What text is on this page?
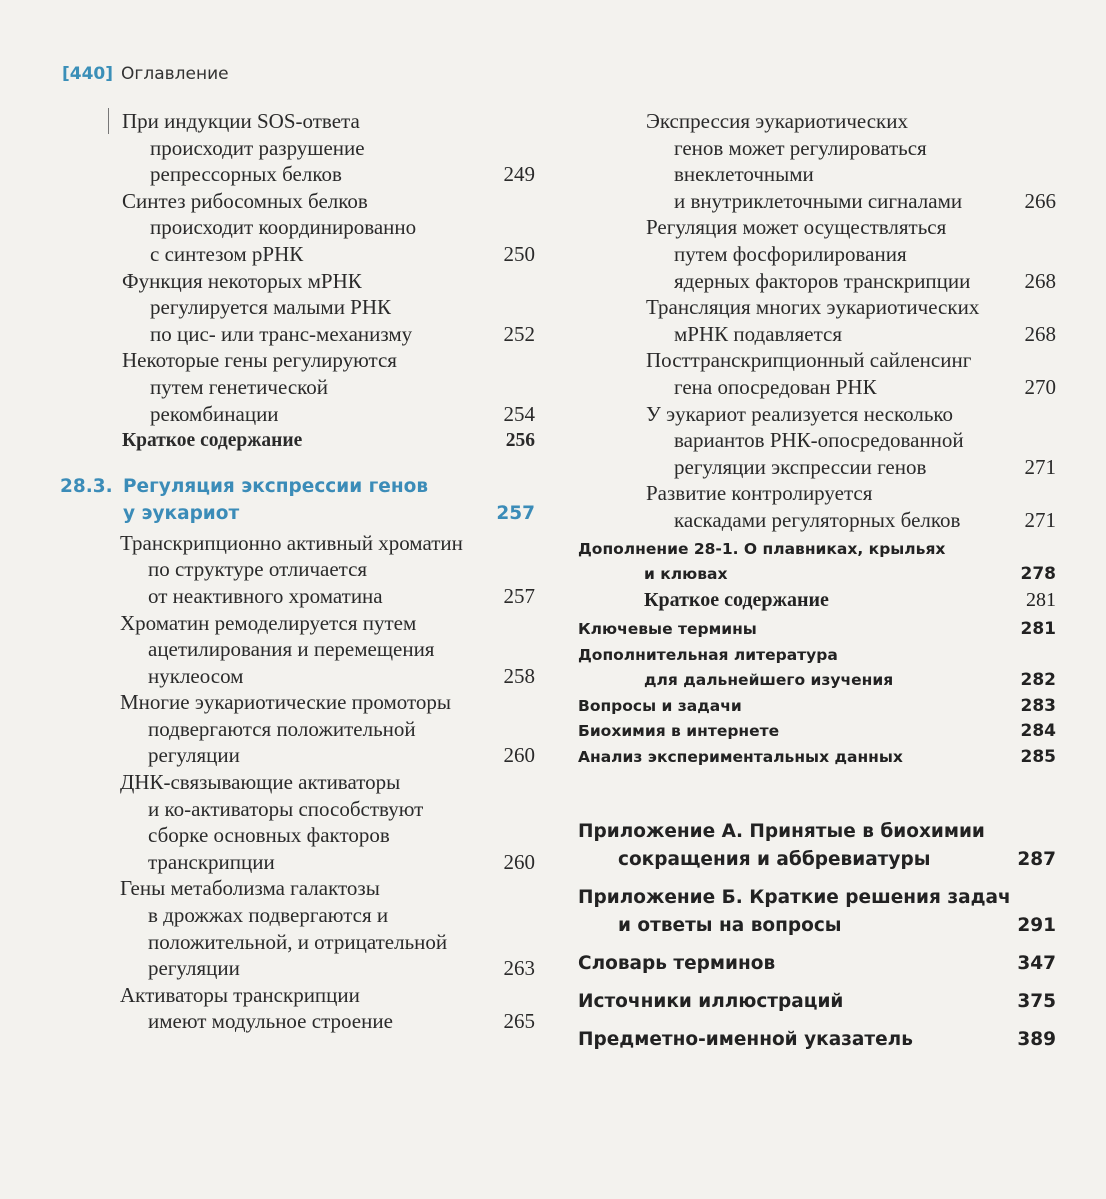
[440] Оглавление
При индукции SOS-ответа
происходит разрушение
репрессорных белков	249
Синтез рибосомных белков
происходит координированно
с синтезом рРНК	250
Функция некоторых мРНК
регулируется малыми РНК
по цис- или транс-механизму	252
Некоторые гены регулируются
путем генетической
рекомбинации	254
Краткое содержание	256
28.3. Регуляция экспрессии генов
у эукариот	257
Транскрипционно активный хроматин
по структуре отличается
от неактивного хроматина	257
Хроматин ремоделируется путем
ацетилирования и перемещения
нуклеосом	258
Многие эукариотические промоторы
подвергаются положительной
регуляции	260
ДНК-связывающие активаторы
и ко-активаторы способствуют
сборке основных факторов
транскрипции	260
Гены метаболизма галактозы
в дрожжах подвергаются и
положительной, и отрицательной
регуляции	263
Активаторы транскрипции
имеют модульное строение	265
Экспрессия эукариотических
генов может регулироваться
внеклеточными
и внутриклеточными сигналами	266
Регуляция может осуществляться
путем фосфорилирования
ядерных факторов транскрипции	268
Трансляция многих эукариотических
мРНК подавляется	268
Посттранскрипционный сайленсинг
гена опосредован РНК	270
У эукариот реализуется несколько
вариантов РНК-опосредованной
регуляции экспрессии генов	271
Развитие контролируется
каскадами регуляторных белков	271
Дополнение 28-1. О плавниках, крыльях
и клювах	278
Краткое содержание	281
Ключевые термины	281
Дополнительная литература
для дальнейшего изучения	282
Вопросы и задачи	283
Биохимия в интернете	284
Анализ экспериментальных данных	285
Приложение А. Принятые в биохимии
сокращения и аббревиатуры	287
Приложение Б. Краткие решения задач
и ответы на вопросы	291
Словарь терминов	347
Источники иллюстраций	375
Предметно-именной указатель	389
